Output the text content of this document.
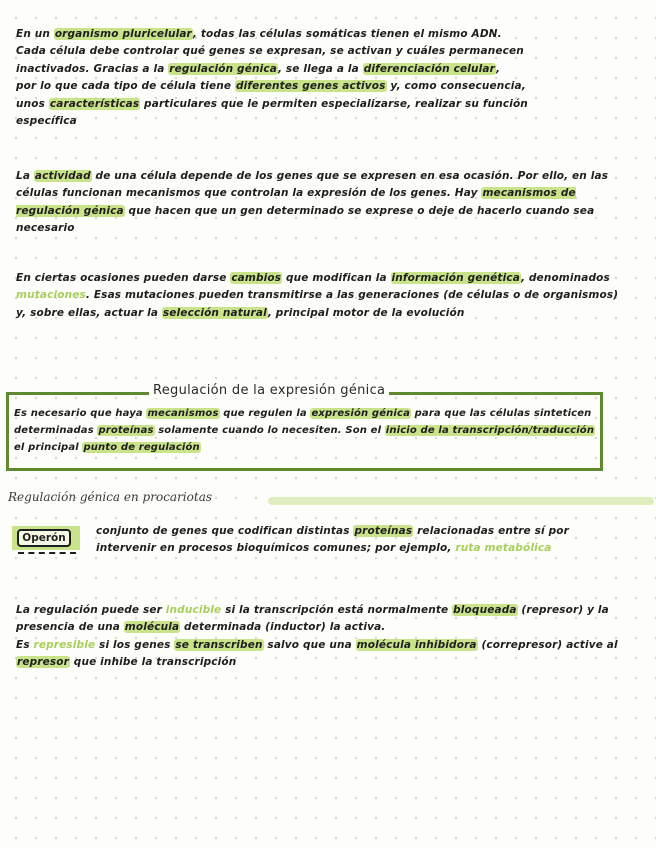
En un organismo pluricelular, todas las células somáticas tienen el mismo ADN.
Cada célula debe controlar qué genes se expresan, se activan y cuáles permanecen
inactivados. Gracias a la regulación génica, se llega a la diferenciación celular,
por lo que cada tipo de célula tiene diferentes genes activos y, como consecuencia,
unos características particulares que le permiten especializarse, realizar su función
específica
La actividad de una célula depende de los genes que se expresen en esa ocasión. Por ello, en las células funcionan mecanismos que controlan la expresión de los genes. Hay mecanismos de regulación génica que hacen que un gen determinado se exprese o deje de hacerlo cuando sea necesario
En ciertas ocasiones pueden darse cambios que modifican la información genética, denominados mutaciones. Esas mutaciones pueden transmitirse a las generaciones (de células o de organismos) y, sobre ellas, actuar la selección natural, principal motor de la evolución
Regulación de la expresión génica
Es necesario que haya mecanismos que regulen la expresión génica para que las células sinteticen determinadas proteínas solamente cuando lo necesiten. Son el inicio de la transcripción/traducción el principal punto de regulación
Regulación génica en procariotas
Operón
conjunto de genes que codifican distintas proteínas relacionadas entre sí por intervenir en procesos bioquímicos comunes; por ejemplo, ruta metabólica
La regulación puede ser inducible si la transcripción está normalmente bloqueada (represor) y la presencia de una molécula determinada (inductor) la activa.
Es represible si los genes se transcriben salvo que una molécula inhibidora (correpresor) active al represor que inhibe la transcripción
